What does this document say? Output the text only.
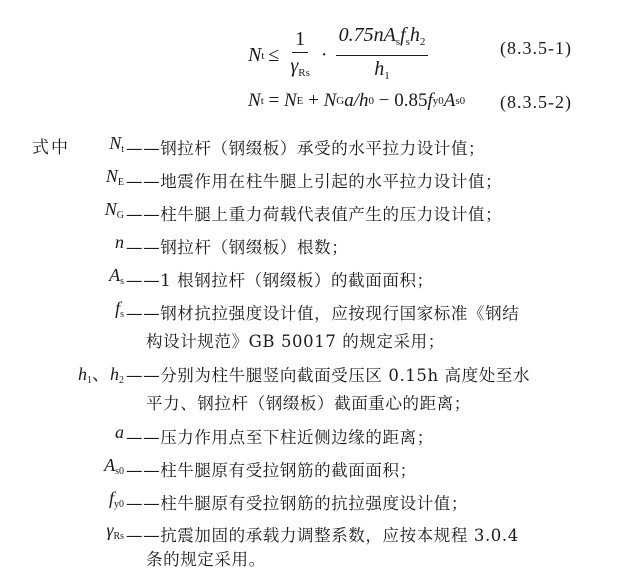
N $t \le \frac{1}{\gamma_{Rs}} \cdot \frac{0.75nA_sf_sh_2}{h_1}$	(8.3.5-1)
N t = N E + N G a/h 0 − 0.85 f y0 A s0 (8.3.5-2)
式中	$N_t$ ——钢拉杆（钢缀板）承受的水平拉力设计值；
$N_E$ ——地震作用在柱牛腿上引起的水平拉力设计值；
$N_G$ ——柱牛腿上重力荷载代表值产生的压力设计值；
n ——钢拉杆（钢缀板）根数；
$A_s$ ——1 根钢拉杆（钢缀板）的截面面积；
$f_s$ ——钢材抗拉强度设计值，应按现行国家标准《钢结
构设计规范》GB 50017 的规定采用；
$h_1$、$h_2$ ——分别为柱牛腿竖向截面受压区 0.15h 高度处至水
平力、钢拉杆（钢缀板）截面重心的距离；
a ——压力作用点至下柱近侧边缘的距离；
$A_{s0}$ ——柱牛腿原有受拉钢筋的截面面积；
$f_{y0}$ ——柱牛腿原有受拉钢筋的抗拉强度设计值；
$\gamma_{Rs}$ ——抗震加固的承载力调整系数，应按本规程 3.0.4
条的规定采用。
